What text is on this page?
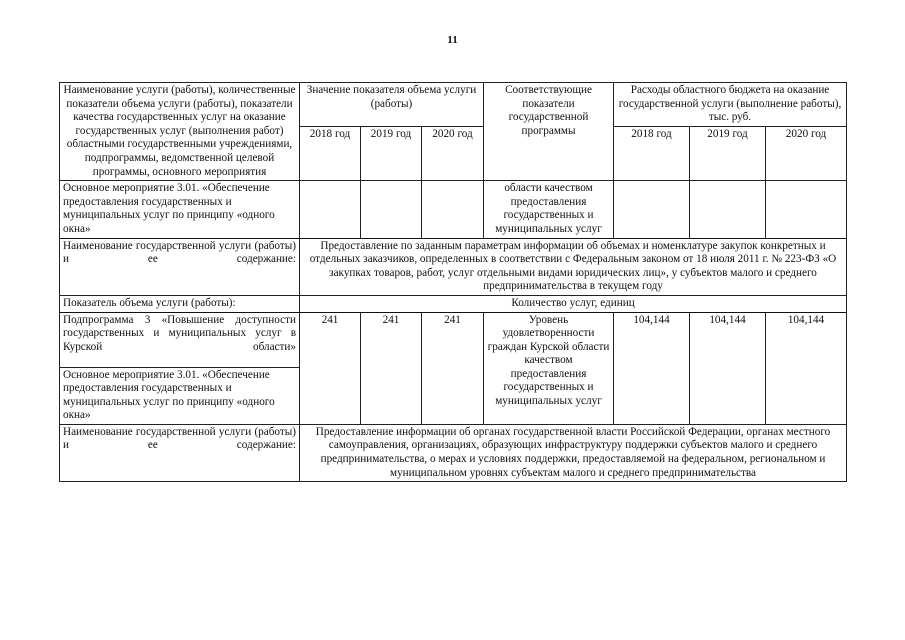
11
Наименование услуги (работы), количественные показатели объема услуги (работы), показатели качества государственных услуг на оказание государственных услуг (выполнения работ) областными государственными учреждениями, подпрограммы, ведомственной целевой программы, основного мероприятия	Значение показателя объема услуги (работы)			Соответствующие показатели государственной программы	Расходы областного бюджета на оказание государственной услуги (выполнение работы), тыс. руб.		
	2018 год	2019 год	2020 год		2018 год	2019 год	2020 год
Основное мероприятие 3.01. «Обеспечение предоставления государственных и муниципальных услуг по принципу «одного окна»				области качеством предоставления государственных и муниципальных услуг			
Наименование государственной услуги (работы) и ее содержание:	Предоставление по заданным параметрам информации об объемах и номенклатуре закупок конкретных и отдельных заказчиков, определенных в соответствии с Федеральным законом от 18 июля 2011 г. № 223-ФЗ «О закупках товаров, работ, услуг отдельными видами юридических лиц», у субъектов малого и среднего предпринимательства в текущем году						
Показатель объема услуги (работы):	Количество услуг, единиц						
Подпрограмма 3 «Повышение доступности государственных и муниципальных услуг в Курской области»	241	241	241	Уровень удовлетворенности граждан Курской области качеством предоставления государственных и муниципальных услуг	104,144	104,144	104,144
Основное мероприятие 3.01. «Обеспечение предоставления государственных и муниципальных услуг по принципу «одного окна»							
Наименование государственной услуги (работы) и ее содержание:	Предоставление информации об органах государственной власти Российской Федерации, органах местного самоуправления, организациях, образующих инфраструктуру поддержки субъектов малого и среднего предпринимательства, о мерах и условиях поддержки, предоставляемой на федеральном, региональном и муниципальном уровнях субъектам малого и среднего предпринимательства						
